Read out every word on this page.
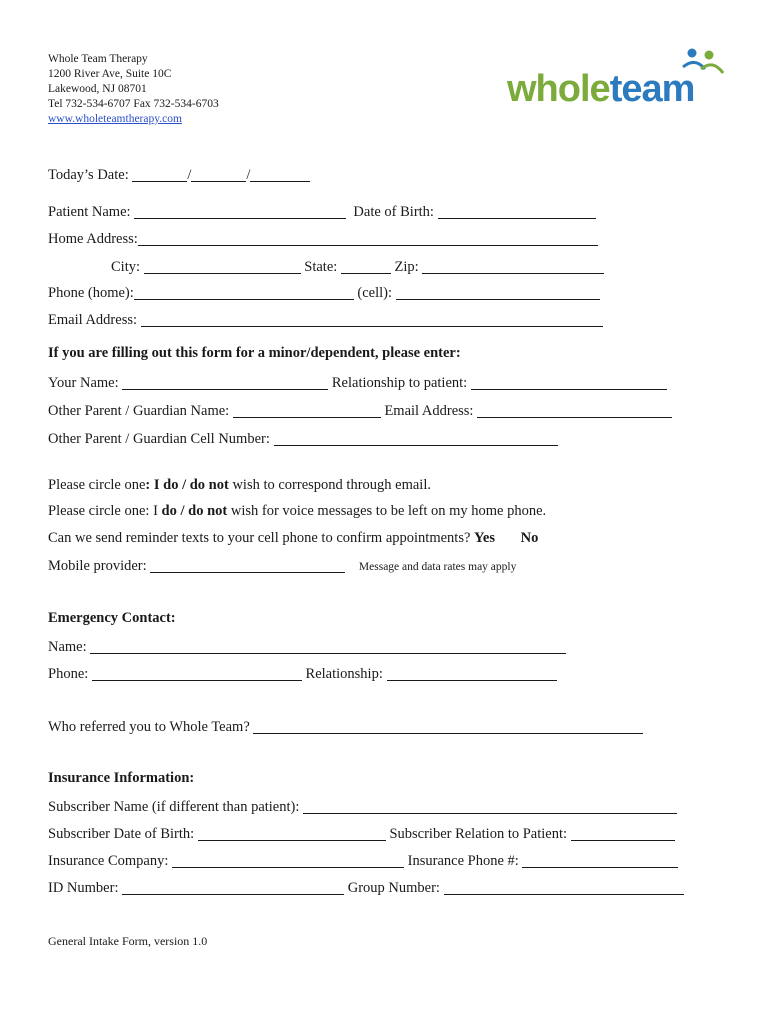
Whole Team Therapy
1200 River Ave, Suite 10C
Lakewood, NJ 08701
Tel 732-534-6707 Fax 732-534-6703
www.wholeteamtherapy.com
wholeteam
Today’s Date:	/	/
Patient Name:	Date of Birth:
Home Address:
City:	State:	Zip:
Phone (home):	(cell):
Email Address:
If you are filling out this form for a minor/dependent, please enter:
Your Name:	Relationship to patient:
Other Parent / Guardian Name:	Email Address:
Other Parent / Guardian Cell Number:
Please circle one: I do / do not wish to correspond through email.
Please circle one: I do / do not wish for voice messages to be left on my home phone.
Can we send reminder texts to your cell phone to confirm appointments? Yes No
Mobile provider:	Message and data rates may apply
Emergency Contact:
Name:
Phone:	Relationship:
Who referred you to Whole Team?
Insurance Information:
Subscriber Name (if different than patient):
Subscriber Date of Birth:	Subscriber Relation to Patient:
Insurance Company:	Insurance Phone #:
ID Number:	Group Number:
General Intake Form, version 1.0
